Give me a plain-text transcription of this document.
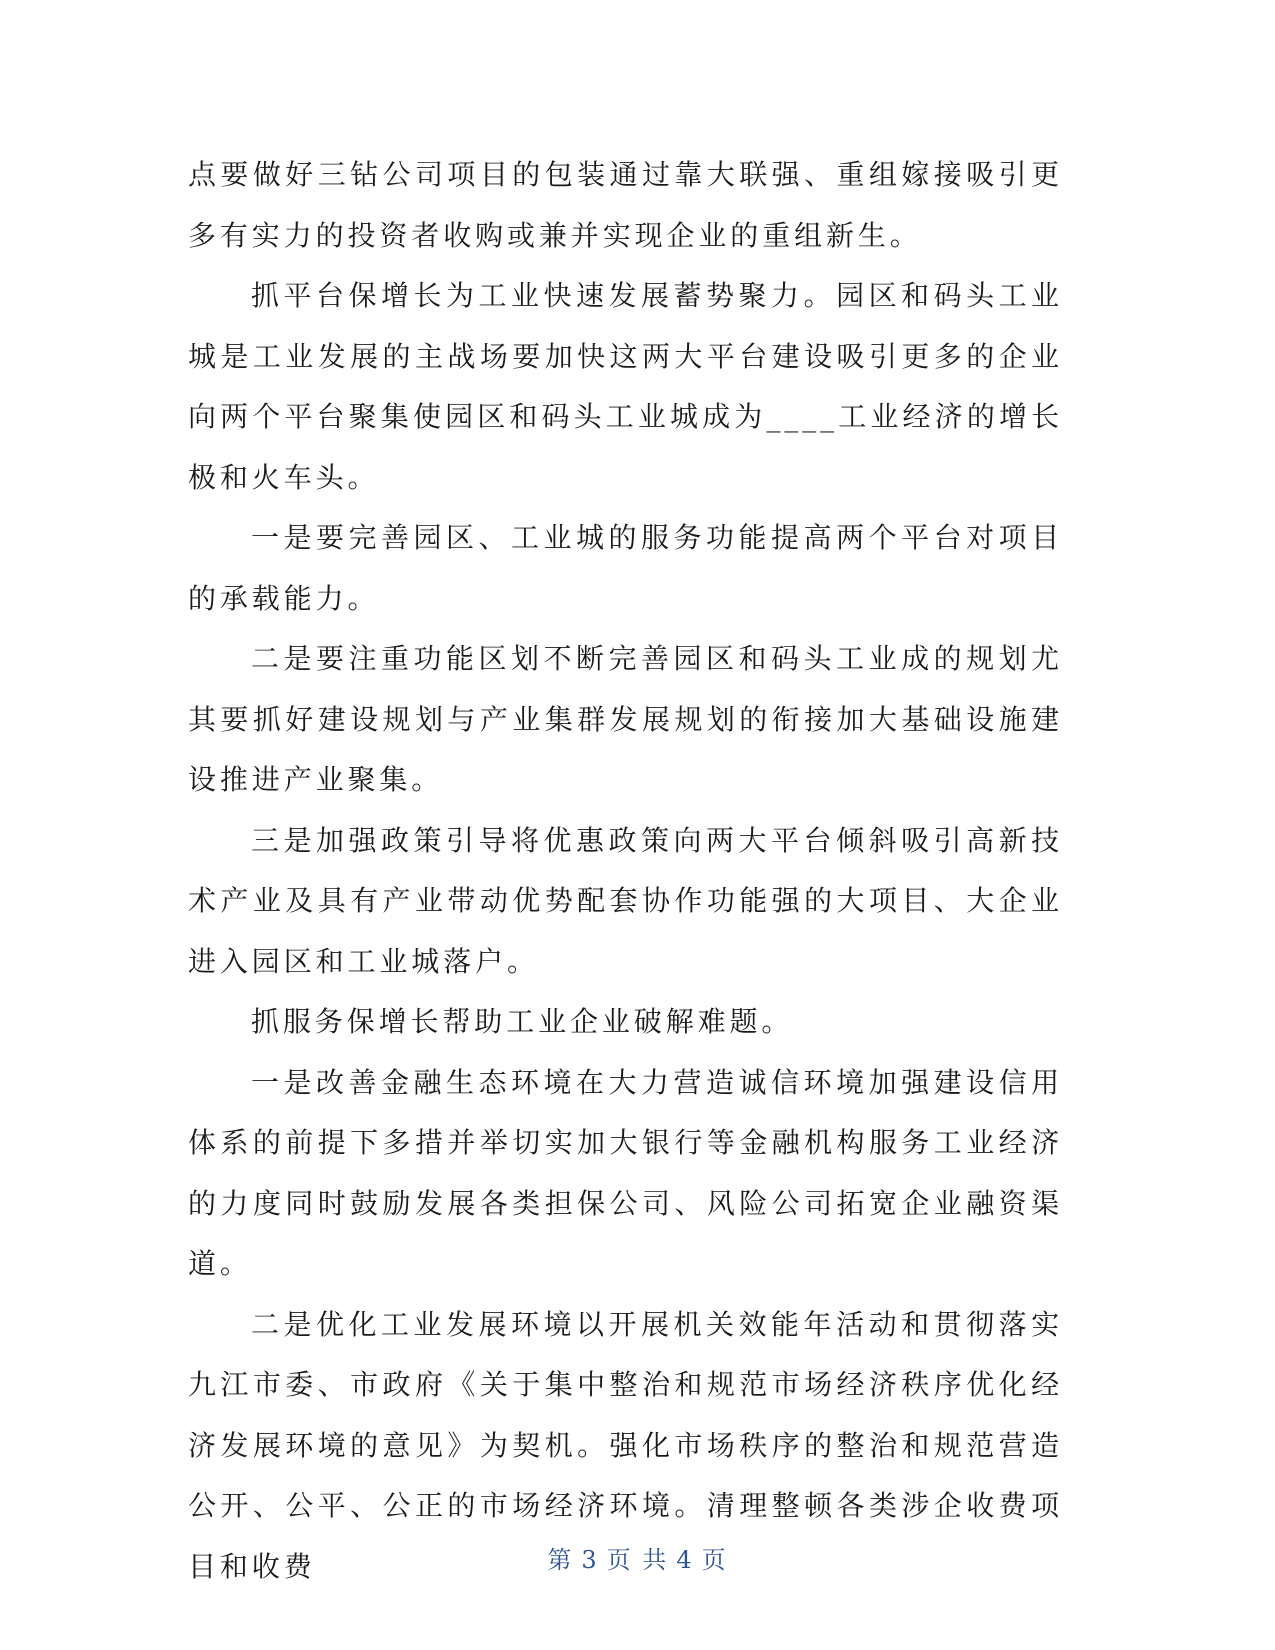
点要做好三钻公司项目的包装通过靠大联强、重组嫁接吸引更多有实力的投资者收购或兼并实现企业的重组新生。

抓平台保增长为工业快速发展蓄势聚力。园区和码头工业城是工业发展的主战场要加快这两大平台建设吸引更多的企业向两个平台聚集使园区和码头工业城成为____工业经济的增长极和火车头。

一是要完善园区、工业城的服务功能提高两个平台对项目的承载能力。

二是要注重功能区划不断完善园区和码头工业成的规划尤其要抓好建设规划与产业集群发展规划的衔接加大基础设施建设推进产业聚集。

三是加强政策引导将优惠政策向两大平台倾斜吸引高新技术产业及具有产业带动优势配套协作功能强的大项目、大企业进入园区和工业城落户。

抓服务保增长帮助工业企业破解难题。

一是改善金融生态环境在大力营造诚信环境加强建设信用体系的前提下多措并举切实加大银行等金融机构服务工业经济的力度同时鼓励发展各类担保公司、风险公司拓宽企业融资渠道。

二是优化工业发展环境以开展机关效能年活动和贯彻落实九江市委、市政府《关于集中整治和规范市场经济秩序优化经济发展环境的意见》为契机。强化市场秩序的整治和规范营造公开、公平、公正的市场经济环境。清理整顿各类涉企收费项目和收费	第 3 页 共 4 页
